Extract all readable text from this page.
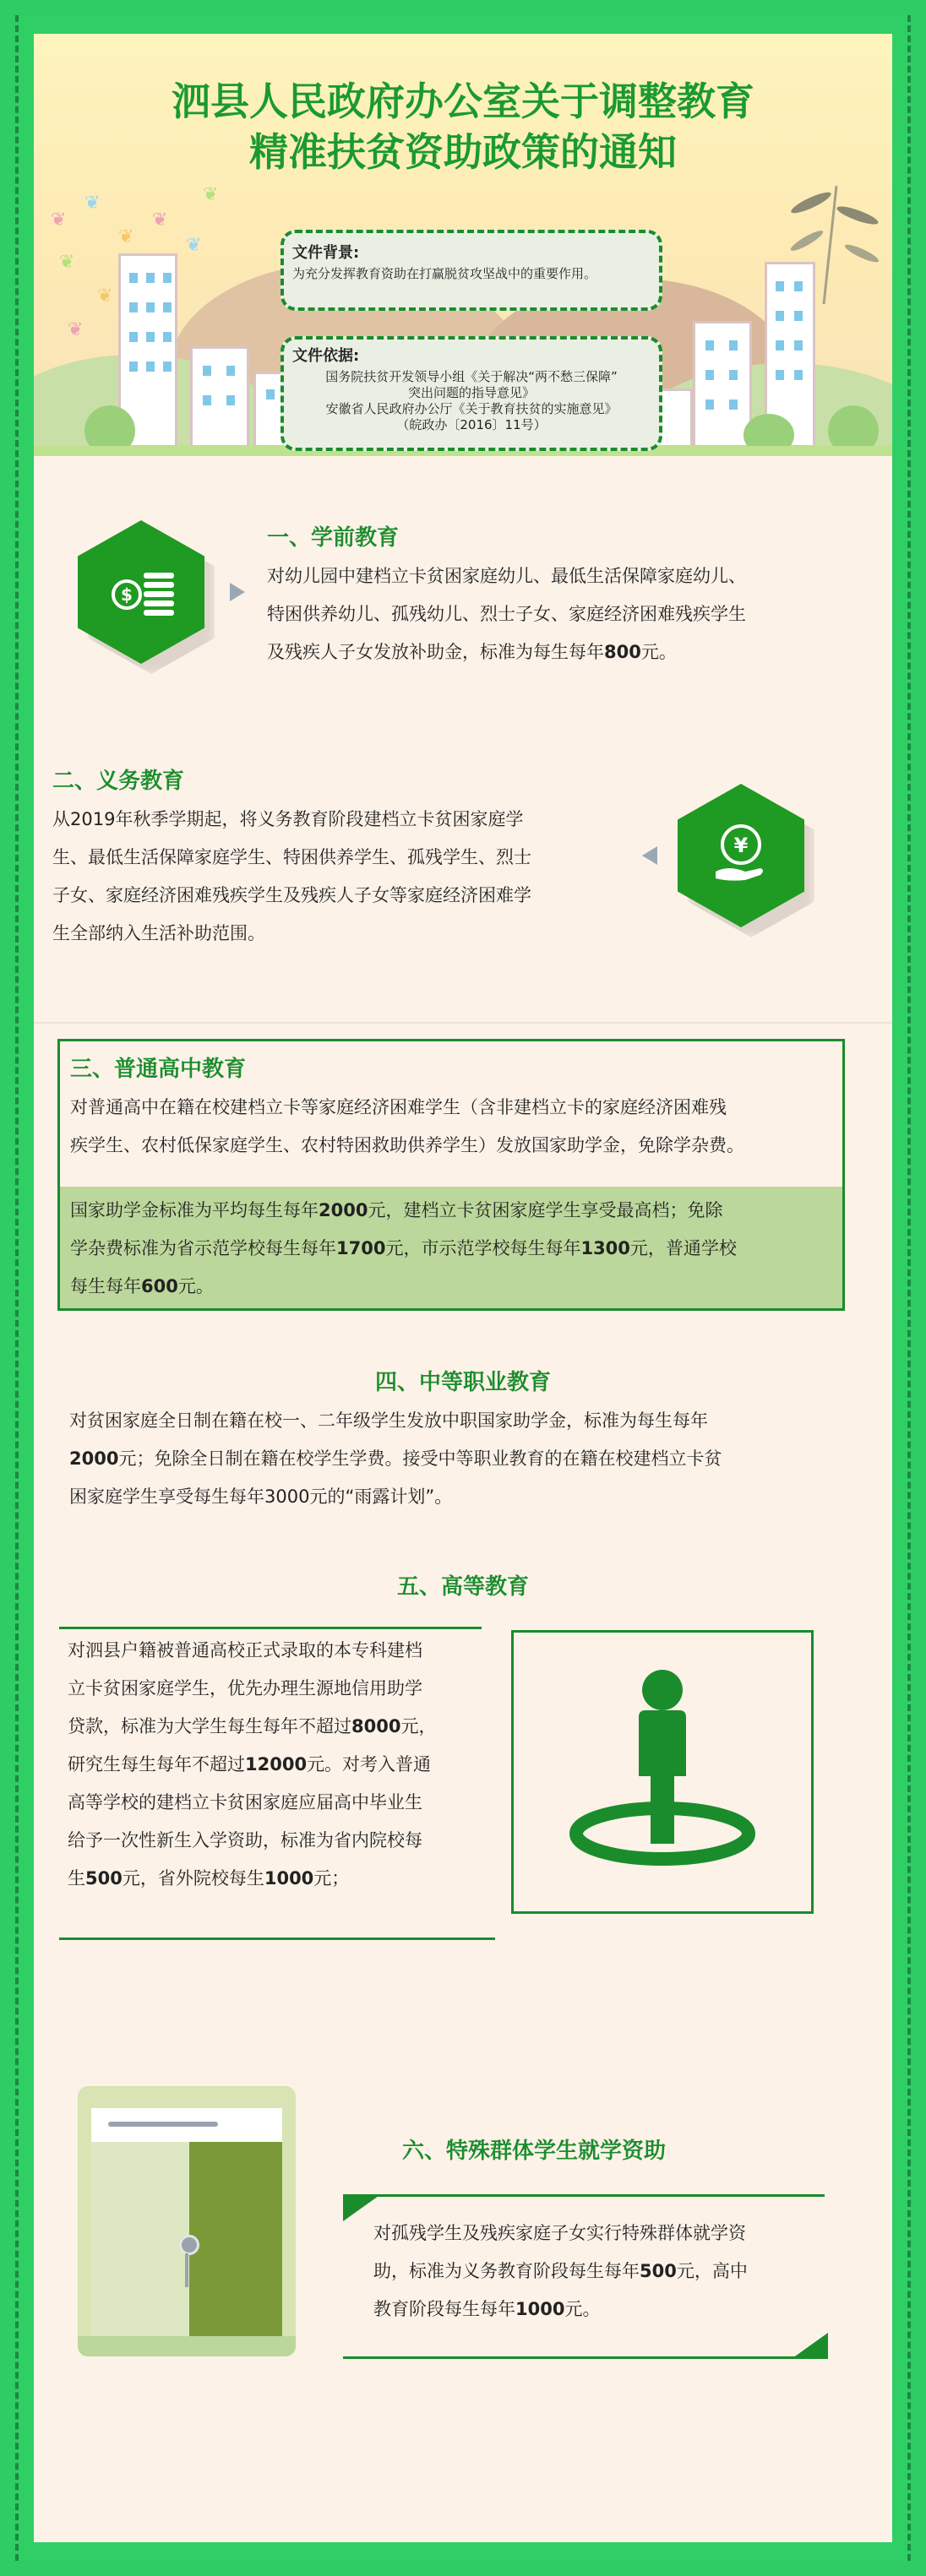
❦
❦
❦
❦
❦
❦
❦
❦
❦
泗县人民政府办公室关于调整教育
精准扶贫资助政策的通知
文件背景:
为充分发挥教育资助在打赢脱贫攻坚战中的重要作用。
文件依据:
国务院扶贫开发领导小组《关于解决“两不愁三保障”
突出问题的指导意见》
安徽省人民政府办公厅《关于教育扶贫的实施意见》
（皖政办〔2016〕11号）
$
一、学前教育
对幼儿园中建档立卡贫困家庭幼儿、最低生活保障家庭幼儿、
特困供养幼儿、孤残幼儿、烈士子女、家庭经济困难残疾学生
及残疾人子女发放补助金，标准为每生每年800元。
二、义务教育
从2019年秋季学期起，将义务教育阶段建档立卡贫困家庭学
生、最低生活保障家庭学生、特困供养学生、孤残学生、烈士
子女、家庭经济困难残疾学生及残疾人子女等家庭经济困难学
生全部纳入生活补助范围。
¥
三、普通高中教育
对普通高中在籍在校建档立卡等家庭经济困难学生（含非建档立卡的家庭经济困难残
疾学生、农村低保家庭学生、农村特困救助供养学生）发放国家助学金，免除学杂费。
国家助学金标准为平均每生每年2000元，建档立卡贫困家庭学生享受最高档；免除
学杂费标准为省示范学校每生每年1700元，市示范学校每生每年1300元，普通学校
每生每年600元。
四、中等职业教育
对贫困家庭全日制在籍在校一、二年级学生发放中职国家助学金，标准为每生每年
2000元；免除全日制在籍在校学生学费。接受中等职业教育的在籍在校建档立卡贫
困家庭学生享受每生每年3000元的“雨露计划”。
五、高等教育
对泗县户籍被普通高校正式录取的本专科建档
立卡贫困家庭学生，优先办理生源地信用助学
贷款，标准为大学生每生每年不超过8000元，
研究生每生每年不超过12000元。对考入普通
高等学校的建档立卡贫困家庭应届高中毕业生
给予一次性新生入学资助，标准为省内院校每
生500元，省外院校每生1000元；
六、特殊群体学生就学资助
对孤残学生及残疾家庭子女实行特殊群体就学资
助，标准为义务教育阶段每生每年500元，高中
教育阶段每生每年1000元。
